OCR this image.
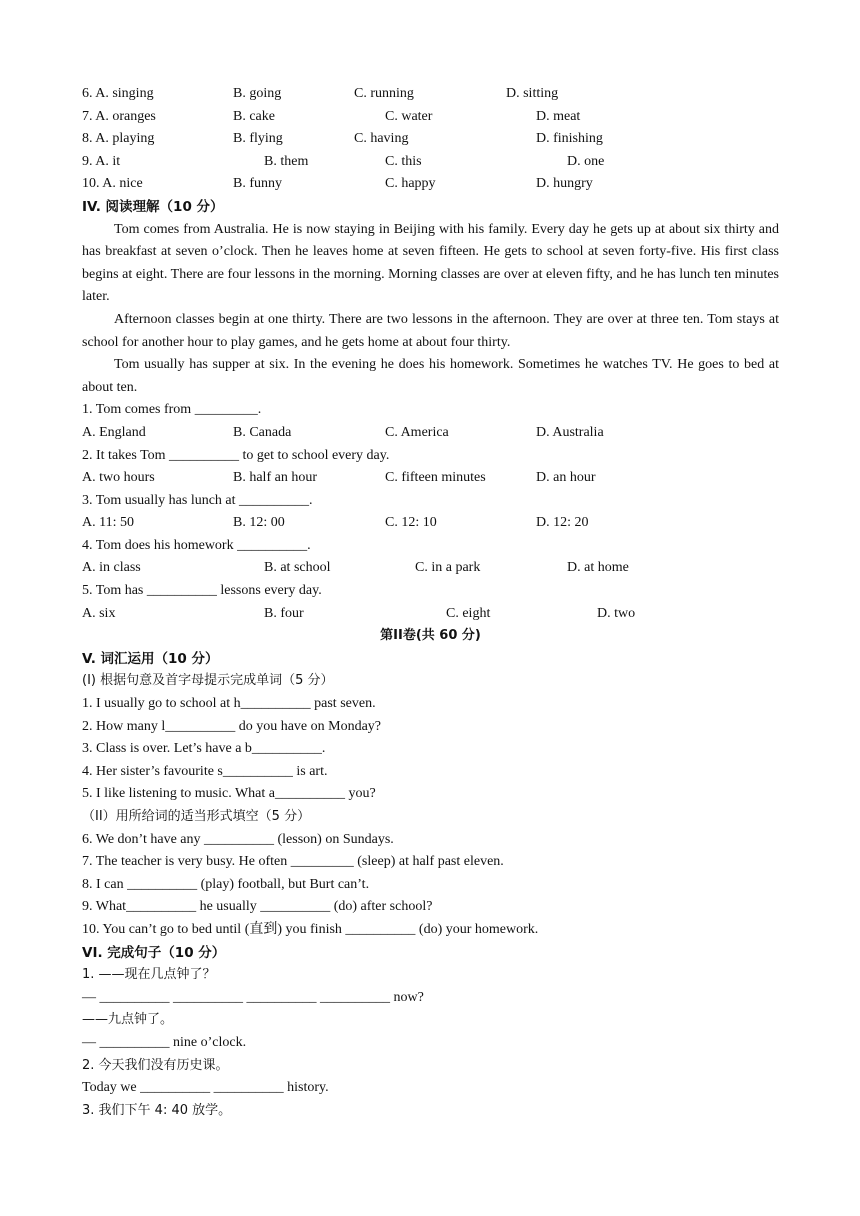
6. A. singing	B. going	C. running	D. sitting
7. A. oranges	B. cake	C. water	D. meat
8. A. playing	B. flying	C. having	D. finishing
9. A. it	B. them	C. this	D. one
10. A. nice	B. funny	C. happy	D. hungry
IV. 阅读理解（10 分）
Tom comes from Australia. He is now staying in Beijing with his family. Every day he gets up at about six thirty and has breakfast at seven o’clock. Then he leaves home at seven fifteen. He gets to school at seven forty-five. His first class begins at eight. There are four lessons in the morning. Morning classes are over at eleven fifty, and he has lunch ten minutes later.
Afternoon classes begin at one thirty. There are two lessons in the afternoon. They are over at three ten. Tom stays at school for another hour to play games, and he gets home at about four thirty.
Tom usually has supper at six. In the evening he does his homework. Sometimes he watches TV. He goes to bed at about ten.
1. Tom comes from _________.
A. England	B. Canada	C. America	D. Australia
2. It takes Tom __________ to get to school every day.
A. two hours	B. half an hour	C. fifteen minutes	D. an hour
3. Tom usually has lunch at __________.
A. 11: 50	B. 12: 00	C. 12: 10	D. 12: 20
4. Tom does his homework __________.
A. in class	B. at school	C. in a park	D. at home
5. Tom has __________ lessons every day.
A. six	B. four	C. eight	D. two
第II卷(共 60 分)
V. 词汇运用（10 分）
(I) 根据句意及首字母提示完成单词（5 分）
1. I usually go to school at h__________ past seven.
2. How many l__________ do you have on Monday?
3. Class is over. Let’s have a b__________.
4. Her sister’s favourite s__________ is art.
5. I like listening to music. What a__________ you?
（II）用所给词的适当形式填空（5 分）
6. We don’t have any __________ (lesson) on Sundays.
7. The teacher is very busy. He often _________ (sleep) at half past eleven.
8. I can __________ (play) football, but Burt can’t.
9. What__________ he usually __________ (do) after school?
10. You can’t go to bed until (直到) you finish __________ (do) your homework.
VI. 完成句子（10 分）
1. ——现在几点钟了？
— __________ __________ __________ __________ now?
——九点钟了。
— __________ nine o’clock.
2. 今天我们没有历史课。
Today we __________ __________ history.
3. 我们下午 4: 40 放学。
